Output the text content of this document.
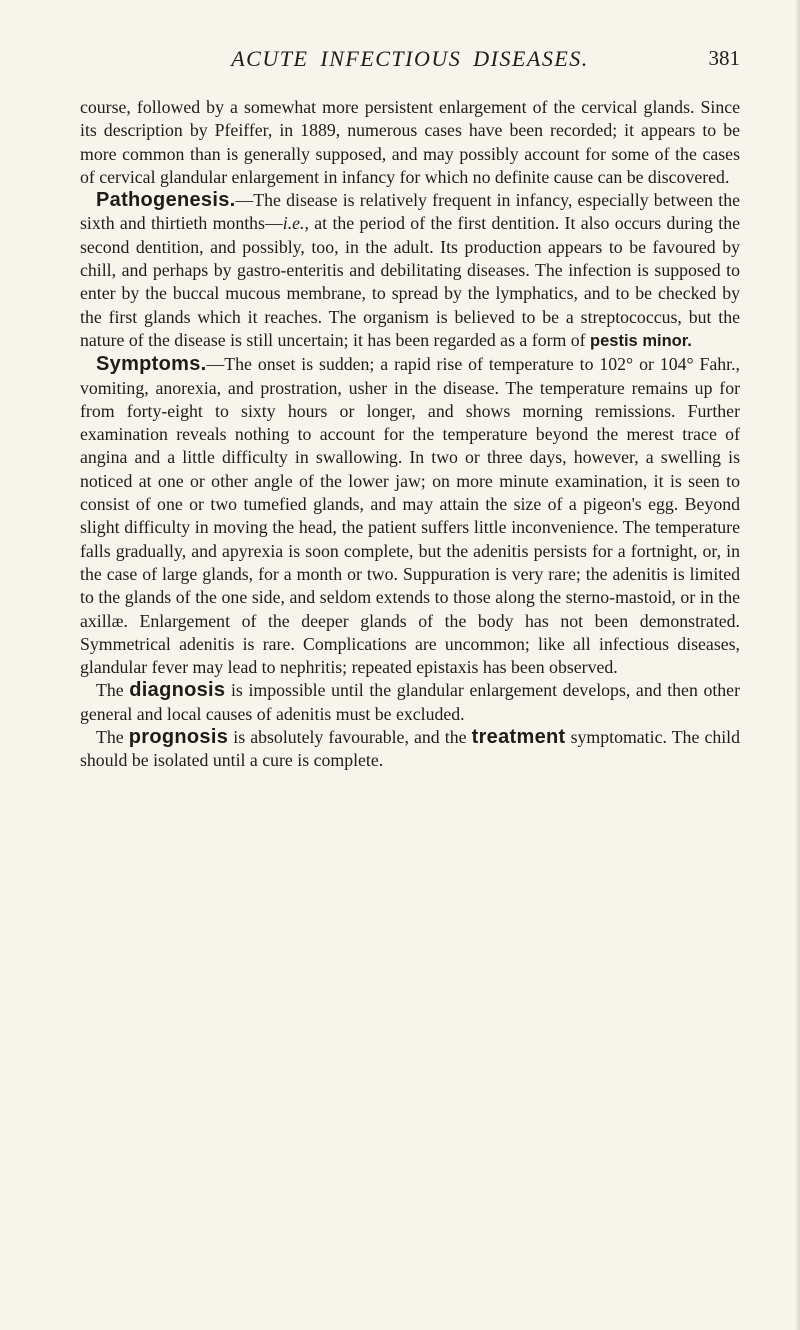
ACUTE INFECTIOUS DISEASES.	381

course, followed by a somewhat more persistent enlargement of the cervical glands. Since its description by Pfeiffer, in 1889, numerous cases have been recorded; it appears to be more common than is generally supposed, and may possibly account for some of the cases of cervical glandular enlargement in infancy for which no definite cause can be discovered.

Pathogenesis.—The disease is relatively frequent in infancy, especially between the sixth and thirtieth months—i.e., at the period of the first dentition. It also occurs during the second dentition, and possibly, too, in the adult. Its production appears to be favoured by chill, and perhaps by gastro-enteritis and debilitating diseases. The infection is supposed to enter by the buccal mucous membrane, to spread by the lymphatics, and to be checked by the first glands which it reaches. The organism is believed to be a streptococcus, but the nature of the disease is still uncertain; it has been regarded as a form of pestis minor.

Symptoms.—The onset is sudden; a rapid rise of temperature to 102° or 104° Fahr., vomiting, anorexia, and prostration, usher in the disease. The temperature remains up for from forty-eight to sixty hours or longer, and shows morning remissions. Further examination reveals nothing to account for the temperature beyond the merest trace of angina and a little difficulty in swallowing. In two or three days, however, a swelling is noticed at one or other angle of the lower jaw; on more minute examination, it is seen to consist of one or two tumefied glands, and may attain the size of a pigeon's egg. Beyond slight difficulty in moving the head, the patient suffers little inconvenience. The temperature falls gradually, and apyrexia is soon complete, but the adenitis persists for a fortnight, or, in the case of large glands, for a month or two. Suppuration is very rare; the adenitis is limited to the glands of the one side, and seldom extends to those along the sterno-mastoid, or in the axillæ. Enlargement of the deeper glands of the body has not been demonstrated. Symmetrical adenitis is rare. Complications are uncommon; like all infectious diseases, glandular fever may lead to nephritis; repeated epistaxis has been observed.

The diagnosis is impossible until the glandular enlargement develops, and then other general and local causes of adenitis must be excluded.

The prognosis is absolutely favourable, and the treatment symptomatic. The child should be isolated until a cure is complete.
